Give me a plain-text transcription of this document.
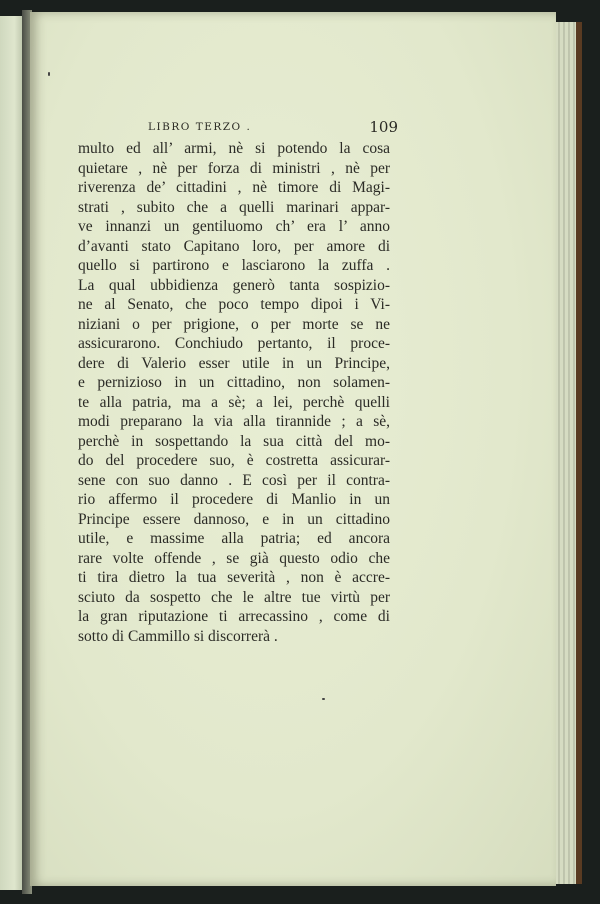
LIBRO TERZO .	109
multo ed all’ armi, nè si potendo la cosa
quietare , nè per forza di ministri , nè per
riverenza de’ cittadini , nè timore di Magi-
strati , subito che a quelli marinari appar-
ve innanzi un gentiluomo ch’ era l’ anno
d’avanti stato Capitano loro, per amore di
quello si partirono e lasciarono la zuffa .
La qual ubbidienza generò tanta sospizio-
ne al Senato, che poco tempo dipoi i Vi-
niziani o per prigione, o per morte se ne
assicurarono. Conchiudo pertanto, il proce-
dere di Valerio esser utile in un Principe,
e pernizioso in un cittadino, non solamen-
te alla patria, ma a sè; a lei, perchè quelli
modi preparano la via alla tirannide ; a sè,
perchè in sospettando la sua città del mo-
do del procedere suo, è costretta assicurar-
sene con suo danno . E così per il contra-
rio affermo il procedere di Manlio in un
Principe essere dannoso, e in un cittadino
utile, e massime alla patria; ed ancora
rare volte offende , se già questo odio che
ti tira dietro la tua severità , non è accre-
sciuto da sospetto che le altre tue virtù per
la gran riputazione ti arrecassino , come di
sotto di Cammillo si discorrerà .
